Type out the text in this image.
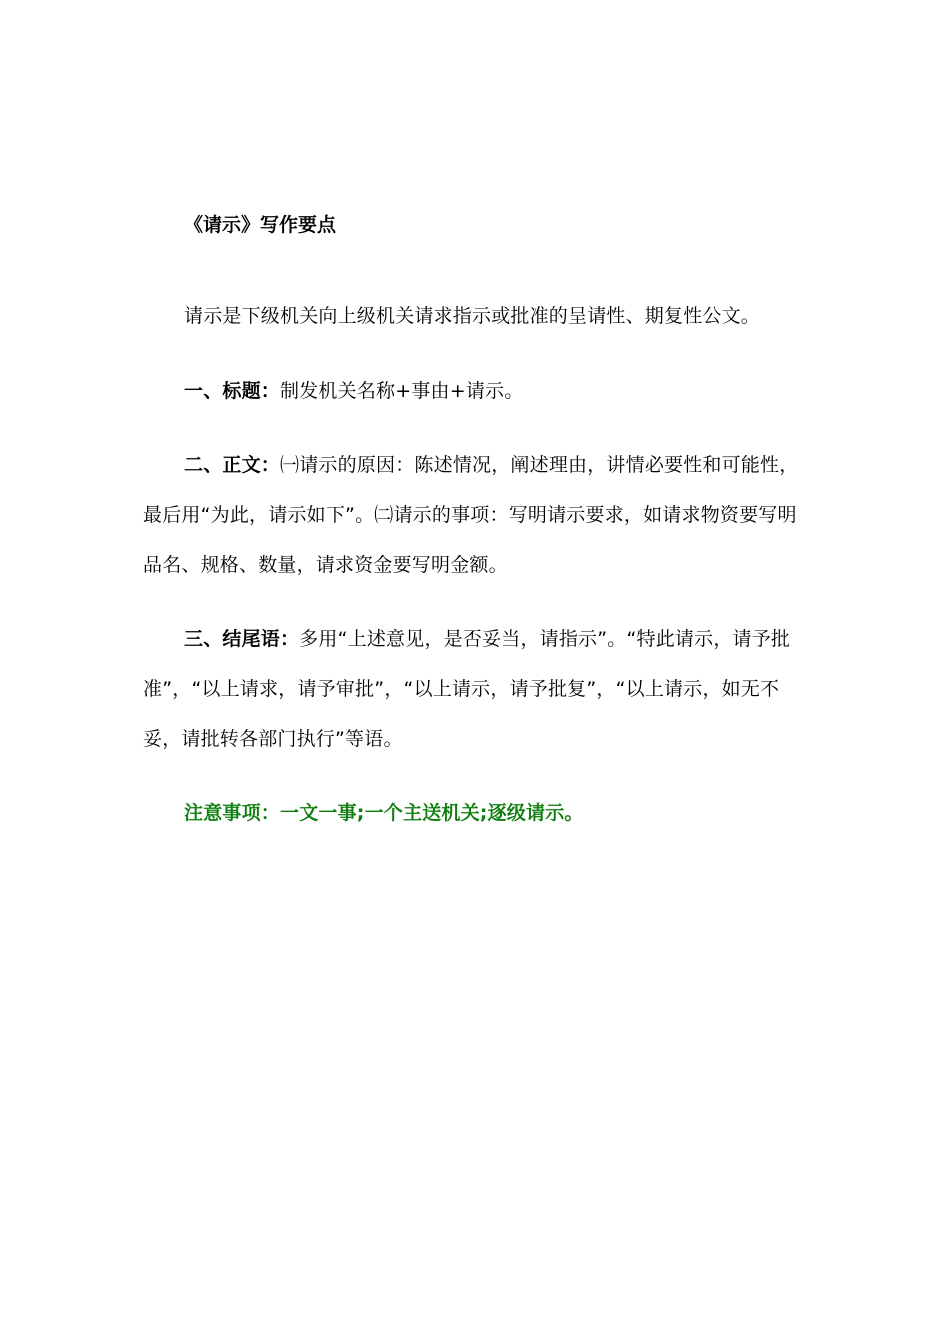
《请示》写作要点

请示是下级机关向上级机关请求指示或批准的呈请性、期复性公文。

一、标题：制发机关名称+事由+请示。

二、正文：㈠请示的原因：陈述情况，阐述理由，讲情必要性和可能性，最后用“为此，请示如下”。㈡请示的事项：写明请示要求，如请求物资要写明品名、规格、数量，请求资金要写明金额。

三、结尾语：多用“上述意见，是否妥当，请指示”。“特此请示，请予批准”，“以上请求，请予审批”，“以上请示，请予批复”，“以上请示，如无不妥，请批转各部门执行”等语。

注意事项：一文一事;一个主送机关;逐级请示。
